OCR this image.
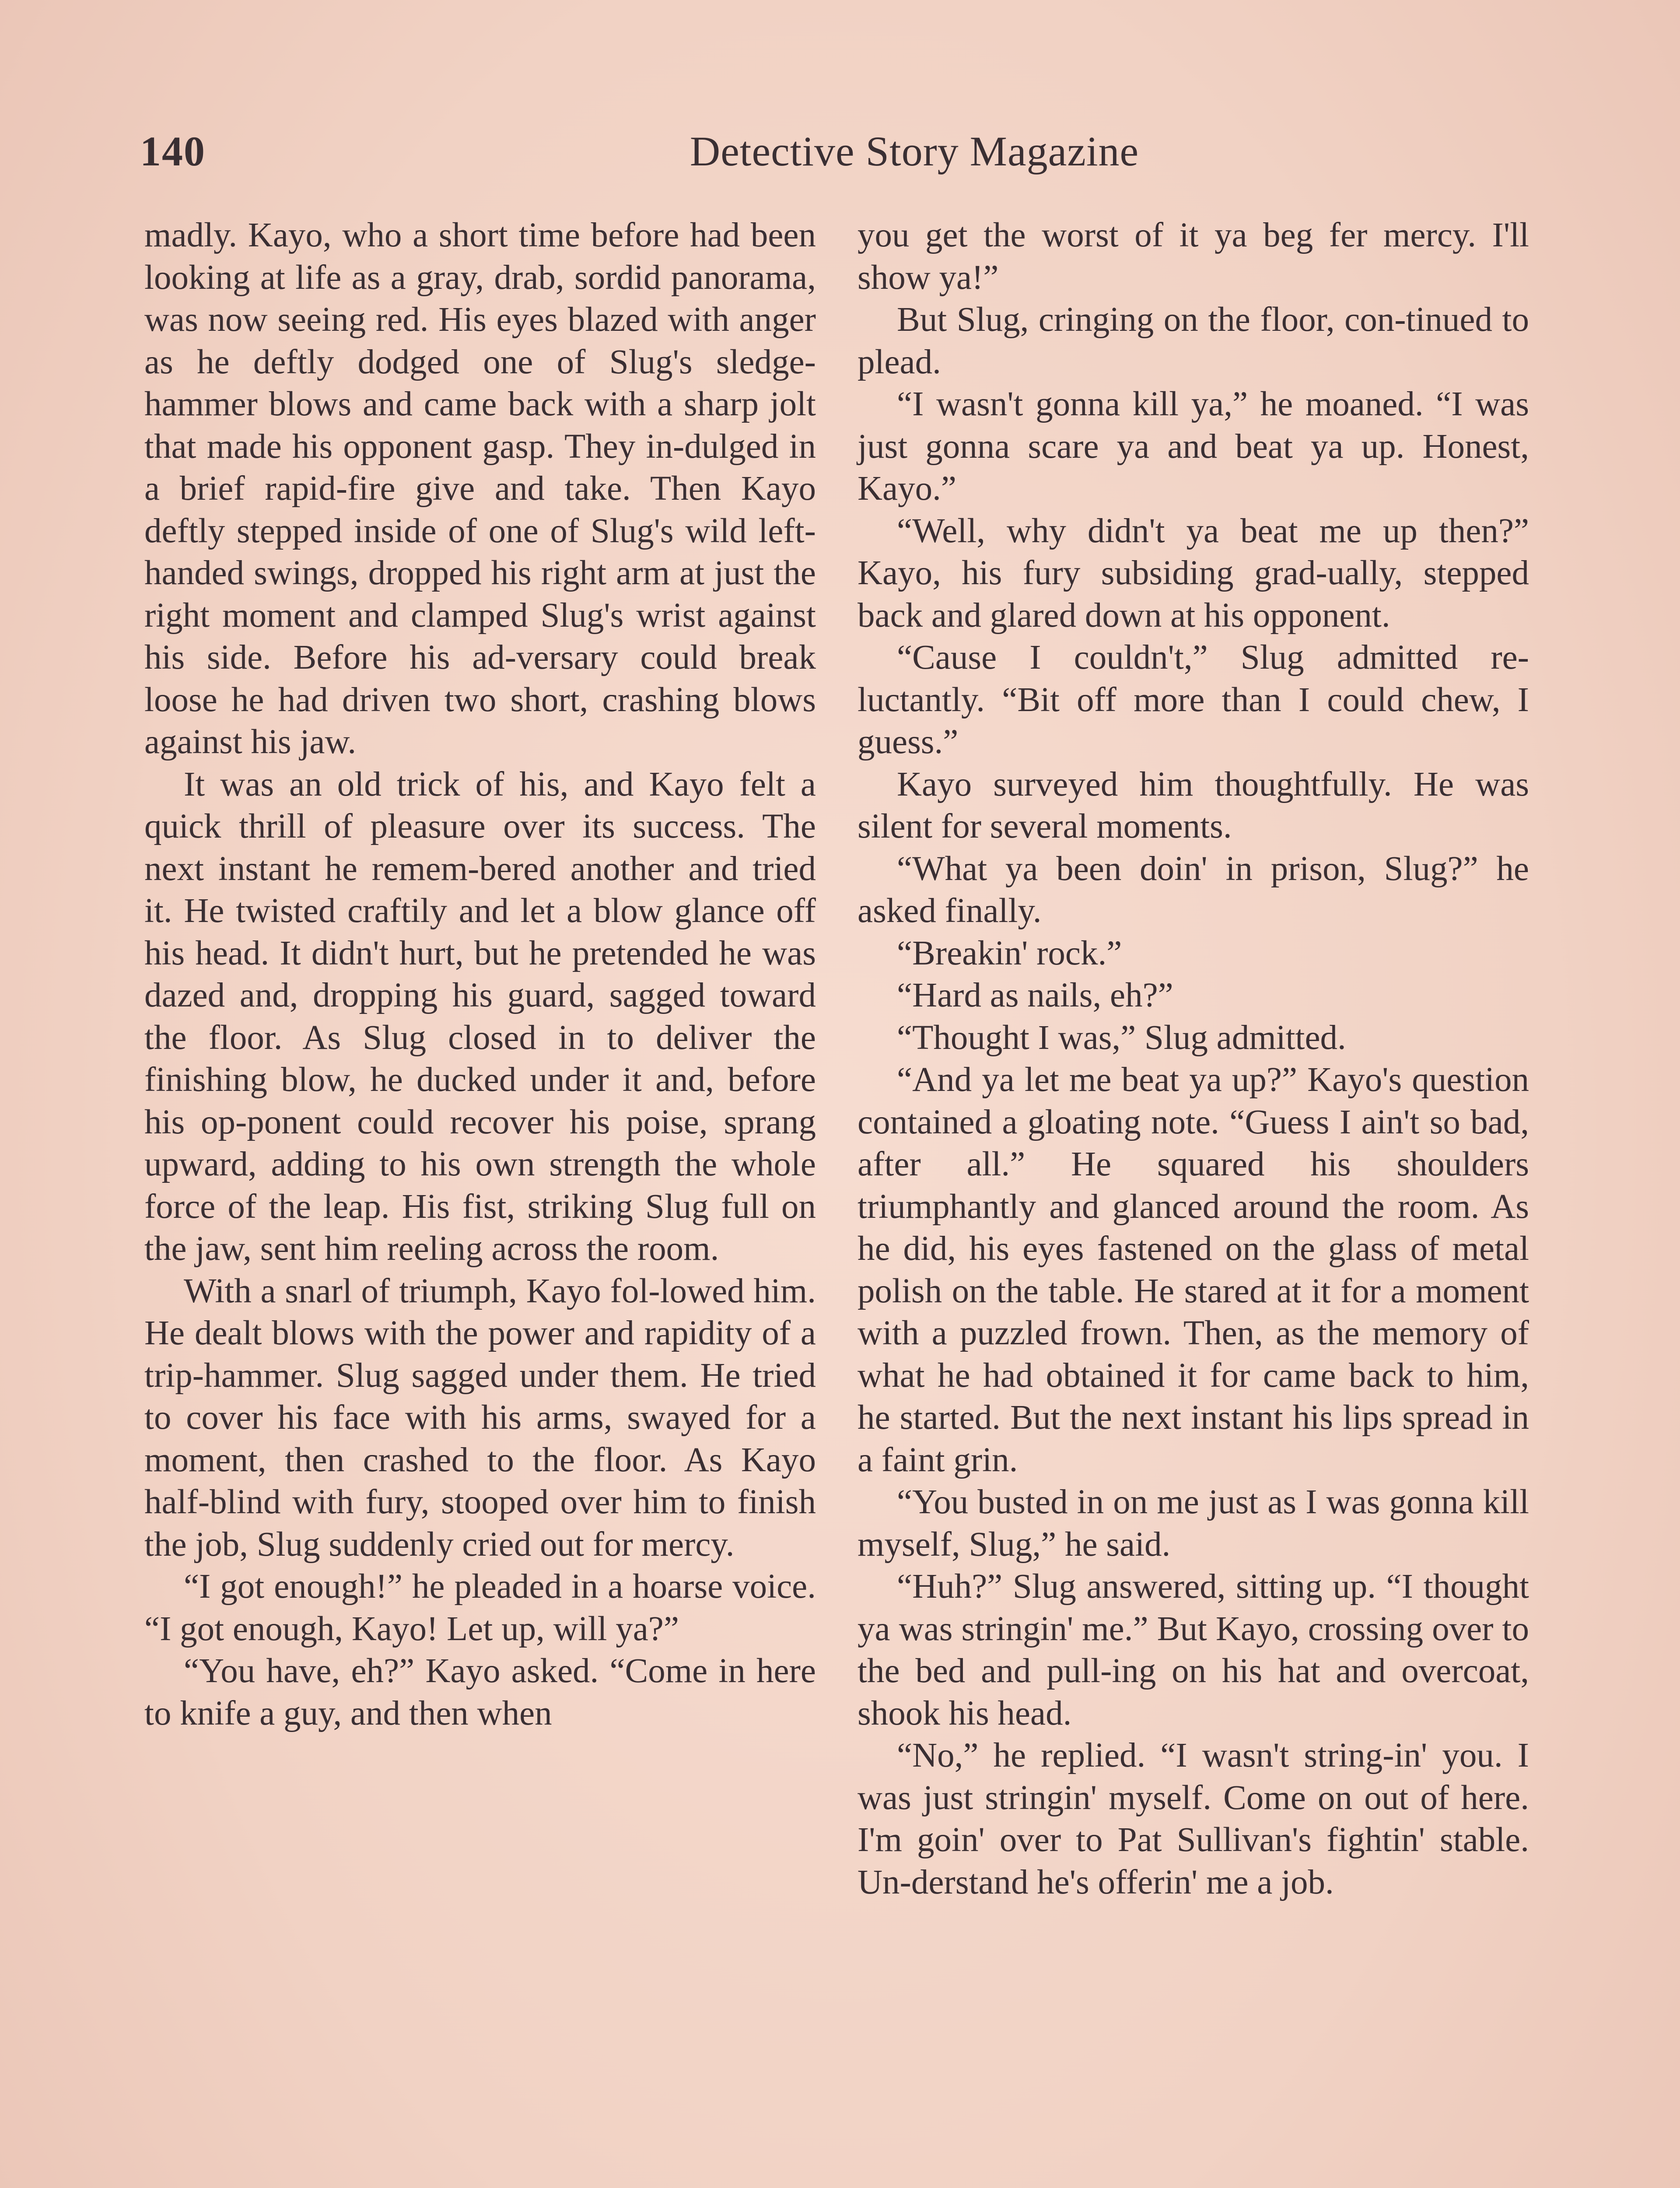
140	Detective Story Magazine

madly. Kayo, who a short time before had been looking at life as a gray, drab, sordid panorama, was now seeing red. His eyes blazed with anger as he deftly dodged one of Slug's sledge-hammer blows and came back with a sharp jolt that made his opponent gasp. They in-dulged in a brief rapid-fire give and take. Then Kayo deftly stepped inside of one of Slug's wild left-handed swings, dropped his right arm at just the right moment and clamped Slug's wrist against his side. Before his ad-versary could break loose he had driven two short, crashing blows against his jaw.

It was an old trick of his, and Kayo felt a quick thrill of pleasure over its success. The next instant he remem-bered another and tried it. He twisted craftily and let a blow glance off his head. It didn't hurt, but he pretended he was dazed and, dropping his guard, sagged toward the floor. As Slug closed in to deliver the finishing blow, he ducked under it and, before his op-ponent could recover his poise, sprang upward, adding to his own strength the whole force of the leap. His fist, striking Slug full on the jaw, sent him reeling across the room.

With a snarl of triumph, Kayo fol-lowed him. He dealt blows with the power and rapidity of a trip-hammer. Slug sagged under them. He tried to cover his face with his arms, swayed for a moment, then crashed to the floor. As Kayo half-blind with fury, stooped over him to finish the job, Slug suddenly cried out for mercy.

“I got enough!” he pleaded in a hoarse voice. “I got enough, Kayo! Let up, will ya?”

“You have, eh?” Kayo asked. “Come in here to knife a guy, and then when

you get the worst of it ya beg fer mercy. I'll show ya!”

But Slug, cringing on the floor, con-tinued to plead.

“I wasn't gonna kill ya,” he moaned. “I was just gonna scare ya and beat ya up. Honest, Kayo.”

“Well, why didn't ya beat me up then?” Kayo, his fury subsiding grad-ually, stepped back and glared down at his opponent.

“Cause I couldn't,” Slug admitted re-luctantly. “Bit off more than I could chew, I guess.”

Kayo surveyed him thoughtfully. He was silent for several moments.

“What ya been doin' in prison, Slug?” he asked finally.

“Breakin' rock.”

“Hard as nails, eh?”

“Thought I was,” Slug admitted.

“And ya let me beat ya up?” Kayo's question contained a gloating note. “Guess I ain't so bad, after all.” He squared his shoulders triumphantly and glanced around the room. As he did, his eyes fastened on the glass of metal polish on the table. He stared at it for a moment with a puzzled frown. Then, as the memory of what he had obtained it for came back to him, he started. But the next instant his lips spread in a faint grin.

“You busted in on me just as I was gonna kill myself, Slug,” he said.

“Huh?” Slug answered, sitting up. “I thought ya was stringin' me.” But Kayo, crossing over to the bed and pull-ing on his hat and overcoat, shook his head.

“No,” he replied. “I wasn't string-in' you. I was just stringin' myself. Come on out of here. I'm goin' over to Pat Sullivan's fightin' stable. Un-derstand he's offerin' me a job.
